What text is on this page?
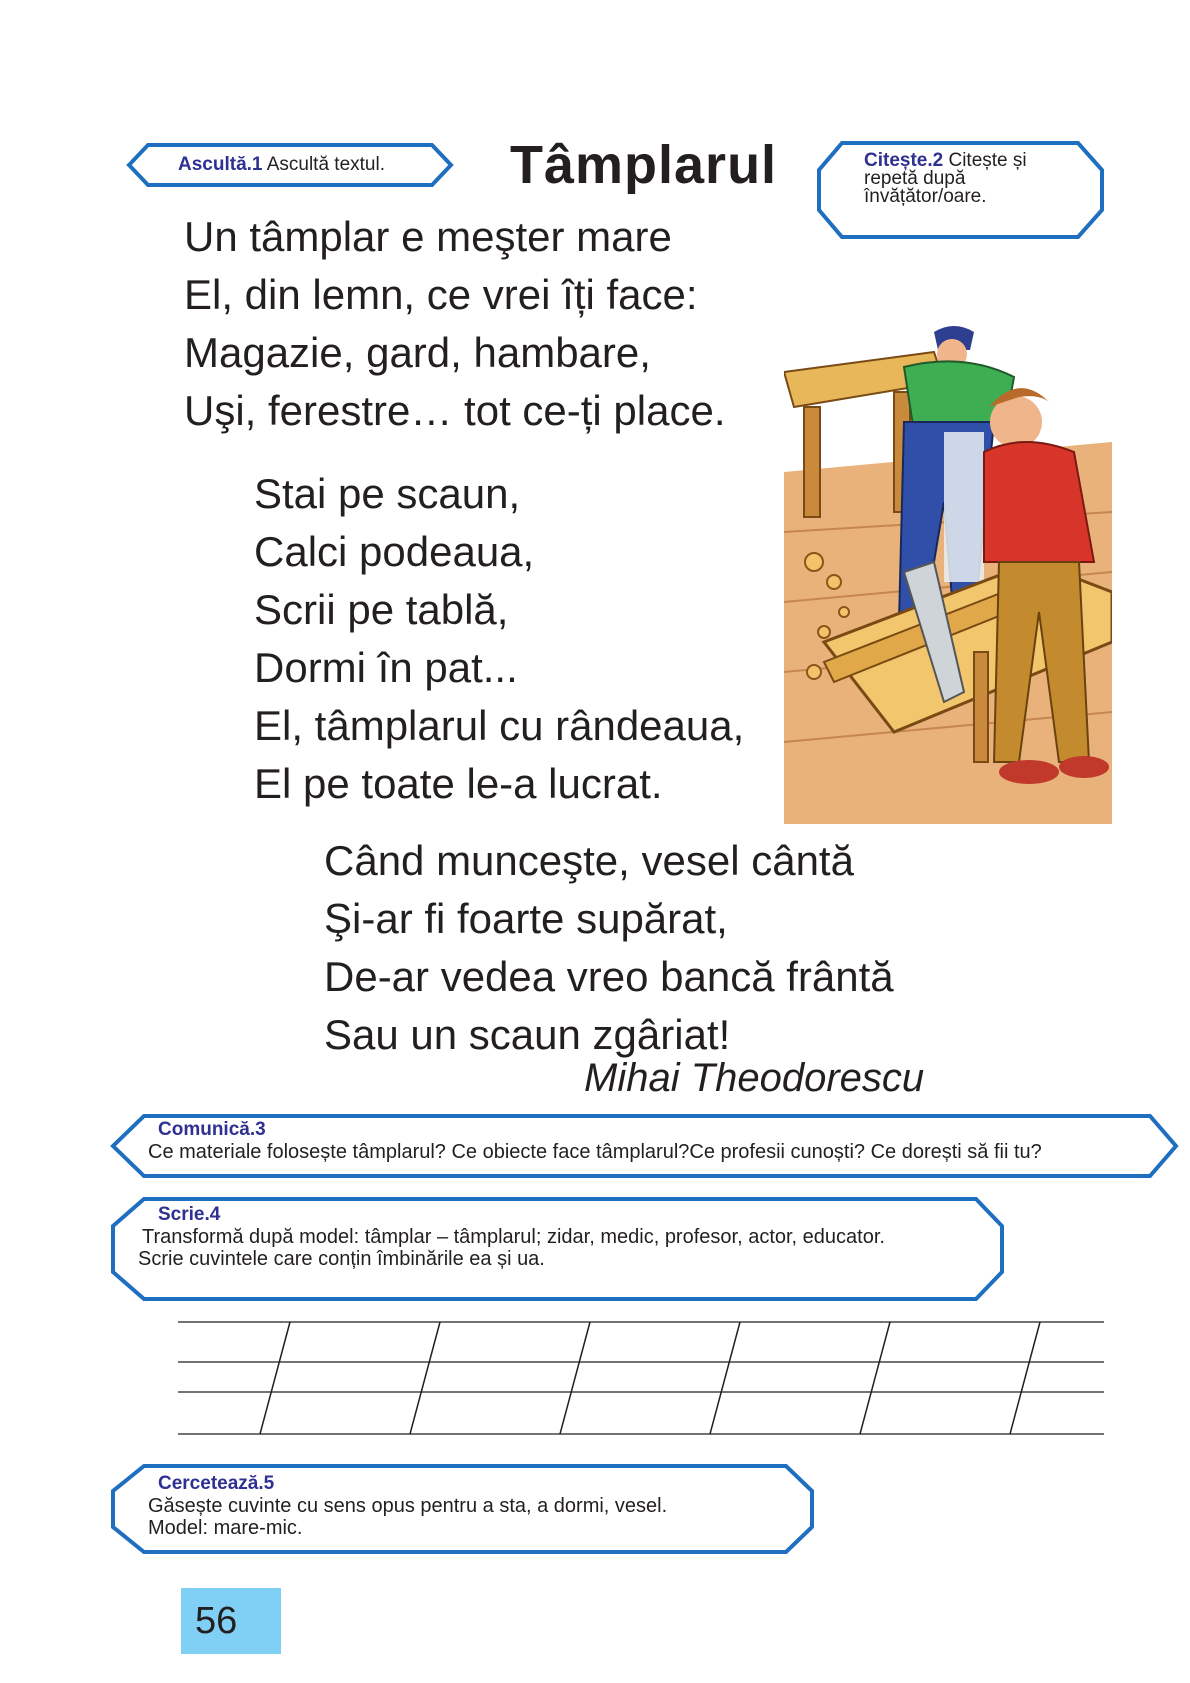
Ascultă.1 Ascultă textul. Tâmplarul	Citește.2 Citește și repetă după învățător/oare.
Un tâmplar e meşter mare
El, din lemn, ce vrei îți face:
Magazie, gard, hambare,
Uşi, ferestre… tot ce-ți place.
Stai pe scaun,
Calci podeaua,
Scrii pe tablă,
Dormi în pat...
El, tâmplarul cu rândeaua,
El pe toate le-a lucrat.
Când munceşte, vesel cântă
Şi-ar fi foarte supărat,
De-ar vedea vreo bancă frântă
Sau un scaun zgâriat!
Mihai Theodorescu
Comunică.3
Ce materiale folosește tâmplarul? Ce obiecte face tâmplarul?Ce profesii cunoști? Ce dorești să fii tu?
Scrie.4
Transformă după model: tâmplar – tâmplarul; zidar, medic, profesor, actor, educator.
Scrie cuvintele care conțin îmbinările ea și ua.
Cercetează.5
Găsește cuvinte cu sens opus pentru a sta, a dormi, vesel.
Model: mare-mic.
56
